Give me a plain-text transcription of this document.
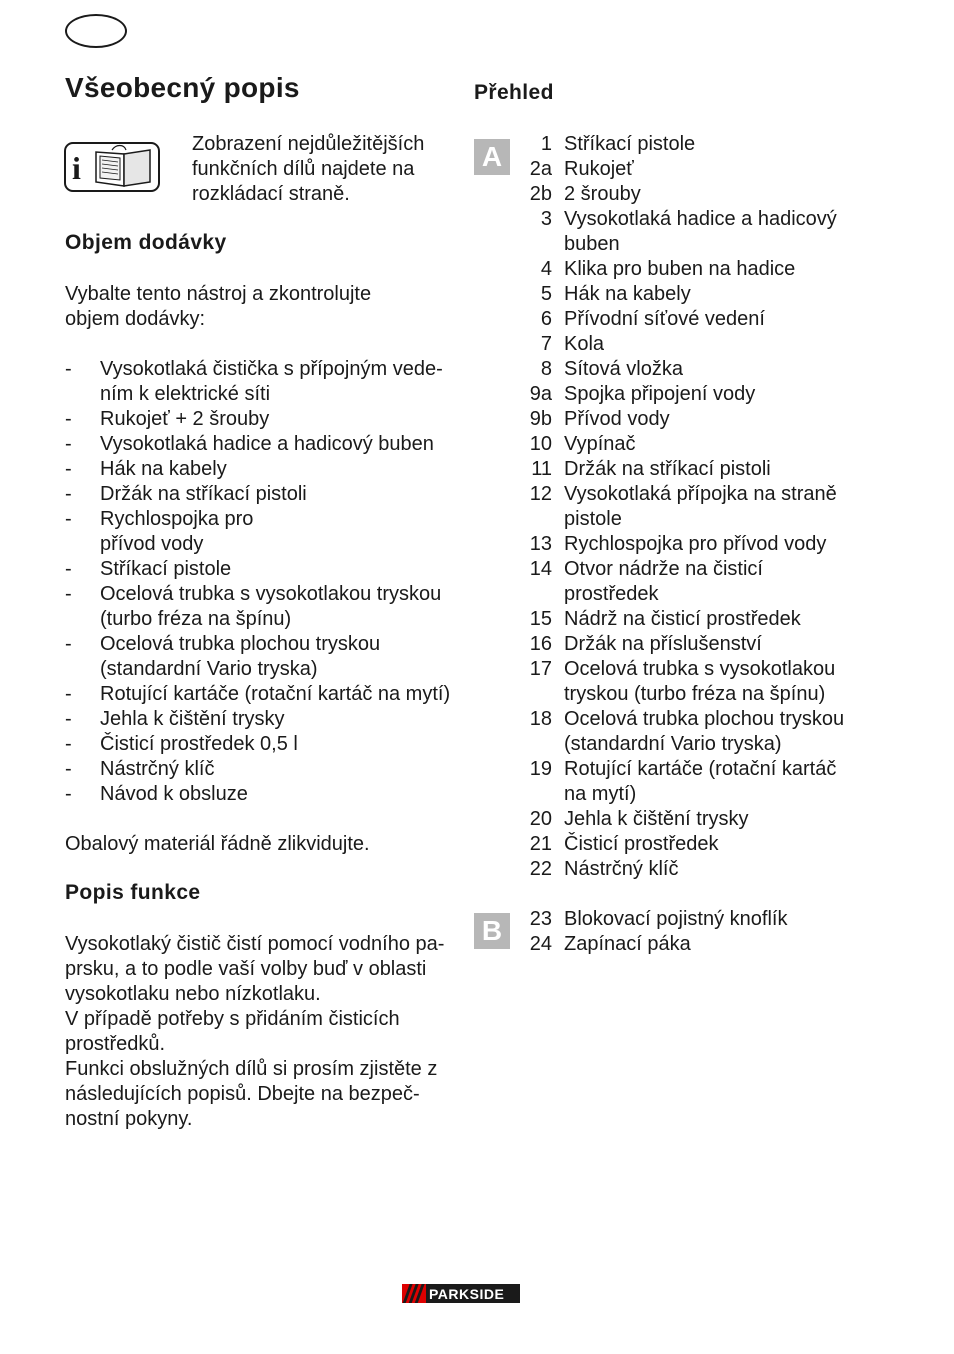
Všeobecný popis
i
Zobrazení nejdůležitějších
funkčních dílů najdete na
rozkládací straně.
Objem dodávky
Vybalte tento nástroj a zkontrolujte
objem dodávky:
- Vysokotlaká čistička s přípojným vede-
ním k elektrické síti
- Rukojeť + 2 šrouby
- Vysokotlaká hadice a hadicový buben
- Hák na kabely
- Držák na stříkací pistoli
- Rychlospojka pro
přívod vody
- Stříkací pistole
- Ocelová trubka s vysokotlakou tryskou
(turbo fréza na špínu)
- Ocelová trubka plochou tryskou
(standardní Vario tryska)
- Rotující kartáče (rotační kartáč na mytí)
- Jehla k čištění trysky
- Čisticí prostředek 0,5 l
- Nástrčný klíč
- Návod k obsluze
Obalový materiál řádně zlikvidujte.
Popis funkce
Vysokotlaký čistič čistí pomocí vodního pa-
prsku, a to podle vaší volby buď v oblasti
vysokotlaku nebo nízkotlaku.
V případě potřeby s přidáním čisticích
prostředků.
Funkci obslužných dílů si prosím zjistěte z
následujících popisů. Dbejte na bezpeč-
nostní pokyny.
Přehled
A	1 Stříkací pistole
2a Rukojeť
2b 2 šrouby
3 Vysokotlaká hadice a hadicový
buben
4 Klika pro buben na hadice
5 Hák na kabely
6 Přívodní síťové vedení
7 Kola
8 Sítová vložka
9a Spojka připojení vody
9b Přívod vody
10 Vypínač
11 Držák na stříkací pistoli
12 Vysokotlaká přípojka na straně
pistole
13 Rychlospojka pro přívod vody
14 Otvor nádrže na čisticí
prostředek
15 Nádrž na čisticí prostředek
16 Držák na příslušenství
17 Ocelová trubka s vysokotlakou
tryskou (turbo fréza na špínu)
18 Ocelová trubka plochou tryskou
(standardní Vario tryska)
19 Rotující kartáče (rotační kartáč
na mytí)
20 Jehla k čištění trysky
21 Čisticí prostředek
22 Nástrčný klíč
B	23 Blokovací pojistný knoflík
24 Zapínací páka
PARKSIDE
